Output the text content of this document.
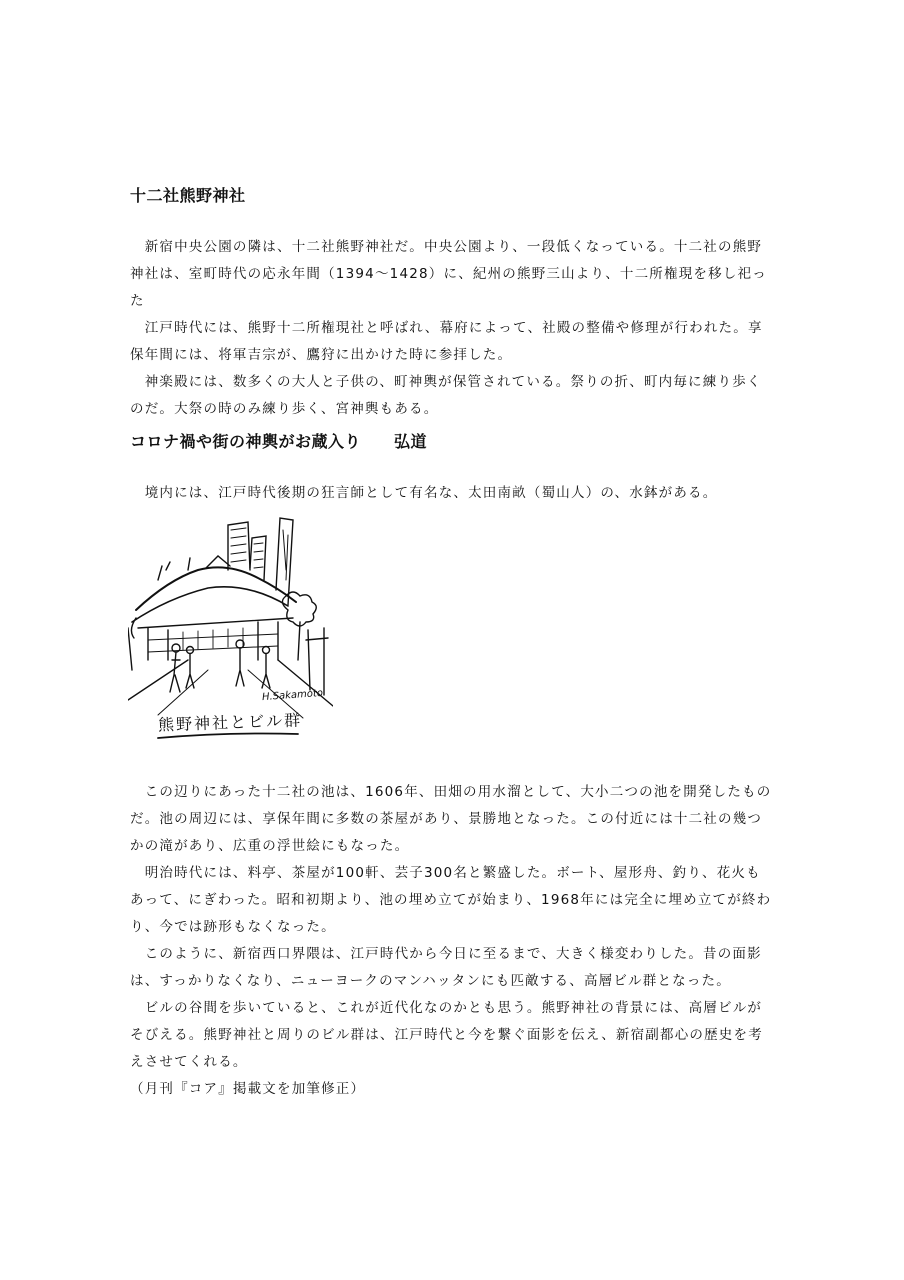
十二社熊野神社

　新宿中央公園の隣は、十二社熊野神社だ。中央公園より、一段低くなっている。十二社の熊野神社は、室町時代の応永年間（1394〜1428）に、紀州の熊野三山より、十二所権現を移し祀った

　江戸時代には、熊野十二所権現社と呼ばれ、幕府によって、社殿の整備や修理が行われた。享保年間には、将軍吉宗が、鷹狩に出かけた時に参拝した。

　神楽殿には、数多くの大人と子供の、町神輿が保管されている。祭りの折、町内毎に練り歩くのだ。大祭の時のみ練り歩く、宮神輿もある。

コロナ禍や街の神輿がお蔵入り　　弘道

　境内には、江戸時代後期の狂言師として有名な、太田南畝（蜀山人）の、水鉢がある。

H.Sakamoto
熊野神社とビル群

　この辺りにあった十二社の池は、1606年、田畑の用水溜として、大小二つの池を開発したものだ。池の周辺には、享保年間に多数の茶屋があり、景勝地となった。この付近には十二社の幾つかの滝があり、広重の浮世絵にもなった。

　明治時代には、料亭、茶屋が100軒、芸子300名と繁盛した。ボート、屋形舟、釣り、花火もあって、にぎわった。昭和初期より、池の埋め立てが始まり、1968年には完全に埋め立てが終わり、今では跡形もなくなった。

　このように、新宿西口界隈は、江戸時代から今日に至るまで、大きく様変わりした。昔の面影は、すっかりなくなり、ニューヨークのマンハッタンにも匹敵する、高層ビル群となった。

　ビルの谷間を歩いていると、これが近代化なのかとも思う。熊野神社の背景には、高層ビルがそびえる。熊野神社と周りのビル群は、江戸時代と今を繋ぐ面影を伝え、新宿副都心の歴史を考えさせてくれる。

（月刊『コア』掲載文を加筆修正）
